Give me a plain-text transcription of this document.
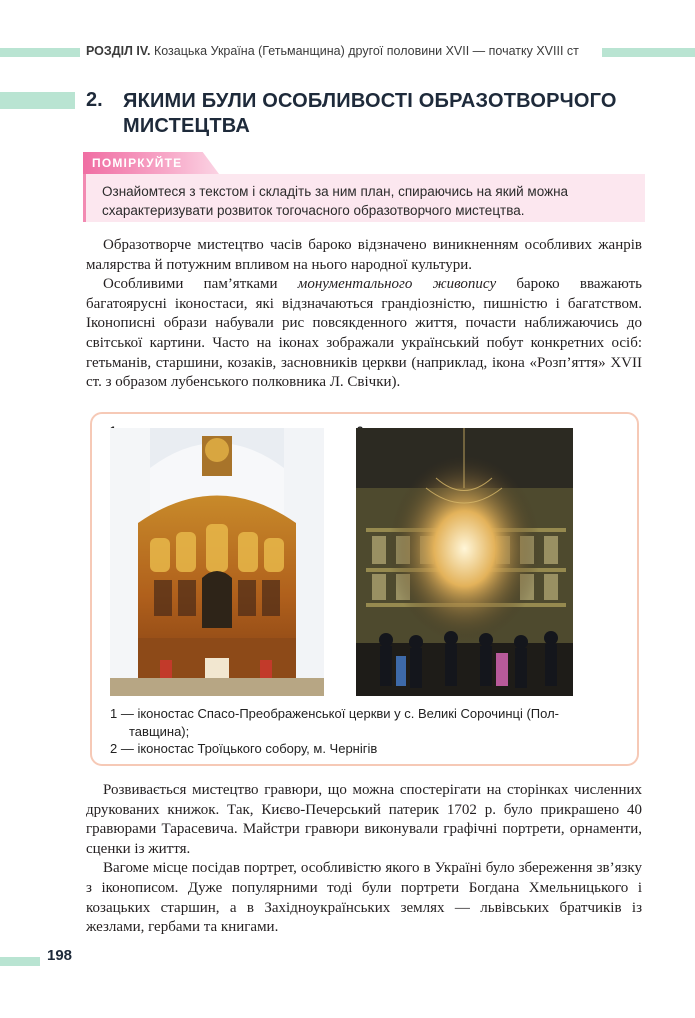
РОЗДІЛ IV. Козацька Україна (Гетьманщина) другої половини XVII — початку XVIII ст
2. ЯКИМИ БУЛИ ОСОБЛИВОСТІ ОБРАЗОТВОРЧОГО МИСТЕЦТВА
ПОМІРКУЙТЕ
Ознайомтеся з текстом і складіть за ним план, спираючись на який можна схарактеризувати розвиток тогочасного образотворчого мистецтва.

Образотворче мистецтво часів бароко відзначено виникненням особливих жанрів малярства й потужним впливом на нього народної культури.

Особливими пам’ятками монументального живопису бароко вважають багатоярусні іконостаси, які відзначаються грандіозністю, пишністю і багатством. Іконописні образи набували рис повсякденного життя, почасти наближаючись до світської картини. Часто на іконах зображали український побут конкретних осіб: гетьманів, старшини, козаків, засновників церкви (наприклад, ікона «Розп’яття» XVII ст. з образом лубенського полковника Л. Свічки).

1 — іконостас Спасо-Преображенської церкви у с. Великі Сорочинці (Пол-
тавщина);
2 — іконостас Троїцького собору, м. Чернігів

Розвивається мистецтво гравюри, що можна спостерігати на сторінках численних друкованих книжок. Так, Києво-Печерський патерик 1702 р. було прикрашено 40 гравюрами Тарасевича. Майстри гравюри виконували графічні портрети, орнаменти, сценки із життя.

Вагоме місце посідав портрет, особливістю якого в Україні було збереження зв’язку з іконописом. Дуже популярними тоді були портрети Богдана Хмельницького і козацьких старшин, а в Західноукраїнських землях — львівських братчиків із жезлами, гербами та книгами.

198
